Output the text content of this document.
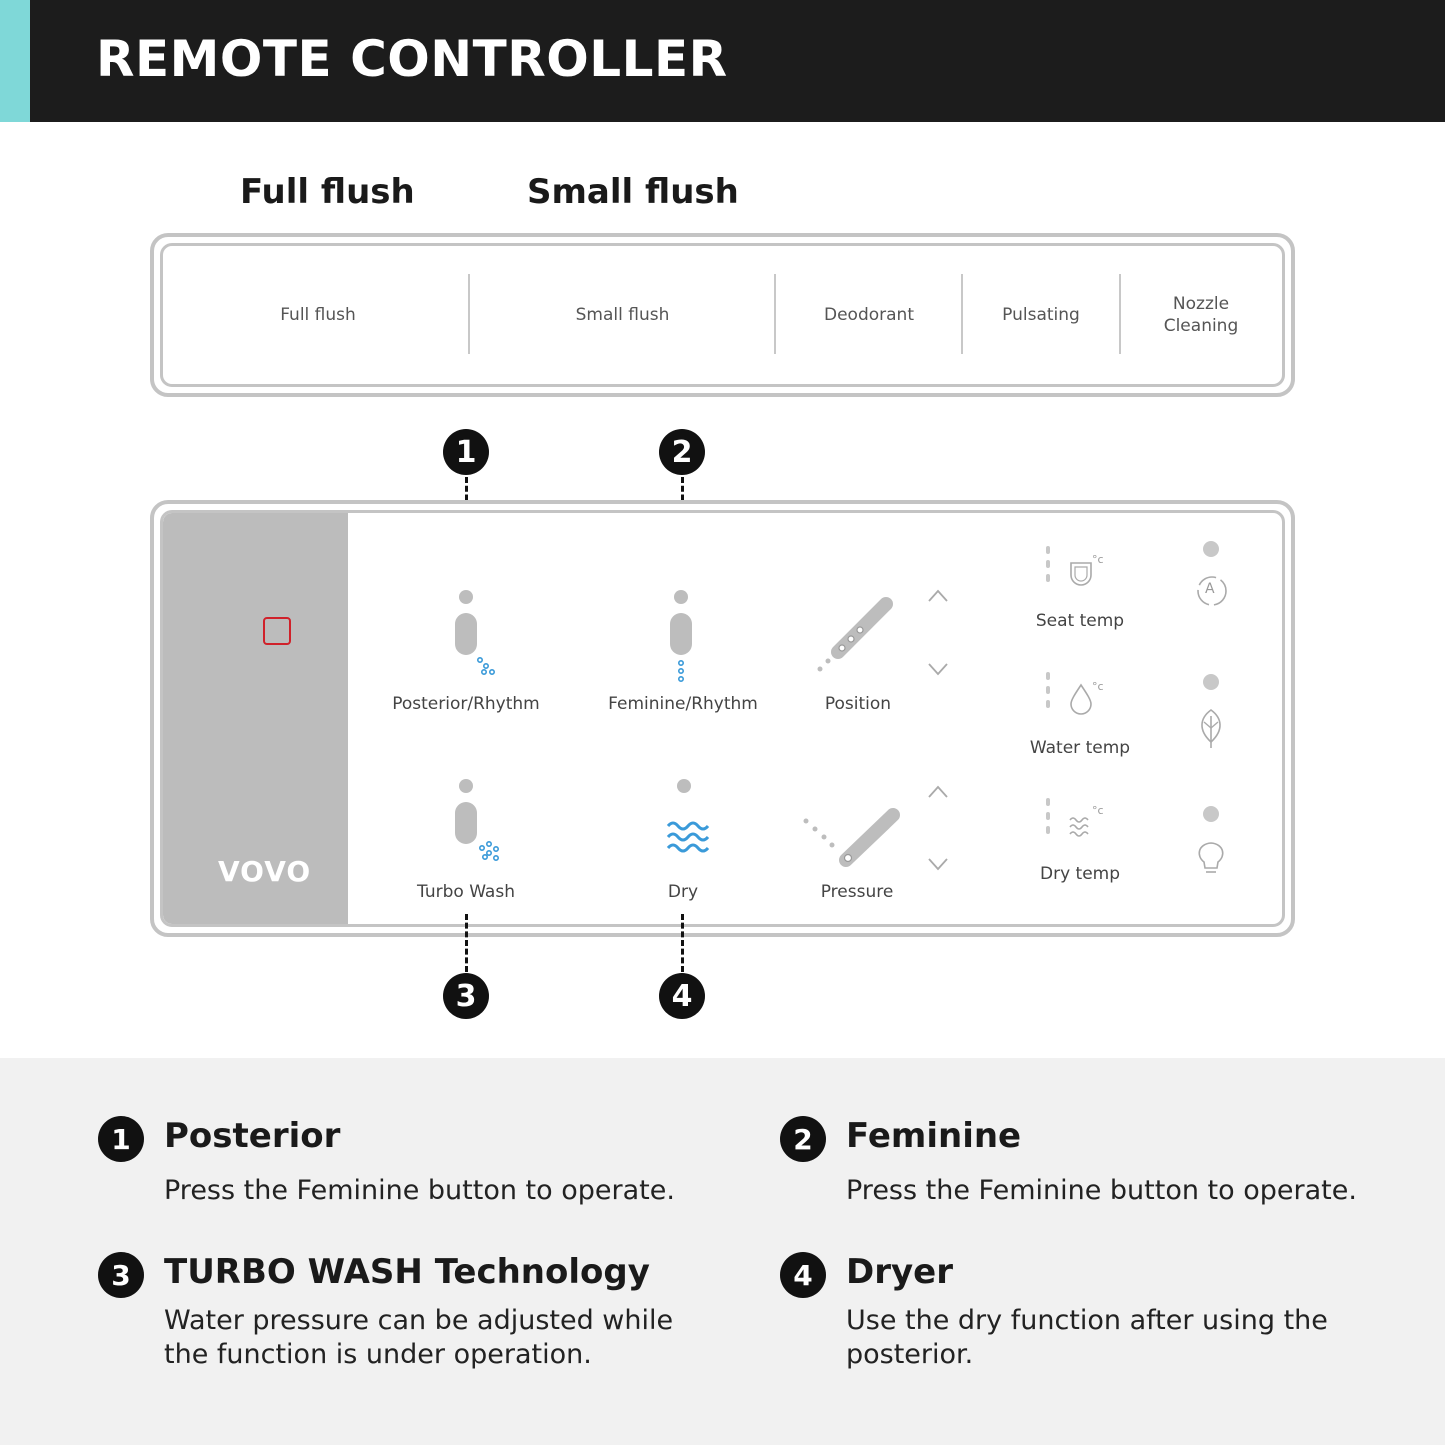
REMOTE CONTROLLER
Full flush	Small flush
Full flush	Small flush	Deodorant	Pulsating
Nozzle
Cleaning
1	2
VOVO
°c
°c
°c
A
Posterior/Rhythm	Feminine/Rhythm	Position
Seat temp
Water temp
Dry temp
Turbo Wash	Dry	Pressure
3	4
1 Posterior
Press the Feminine button to operate.
2 Feminine
Press the Feminine button to operate.
3 TURBO WASH Technology
Water pressure can be adjusted while the function is under operation.
4 Dryer
Use the dry function after using the posterior.
